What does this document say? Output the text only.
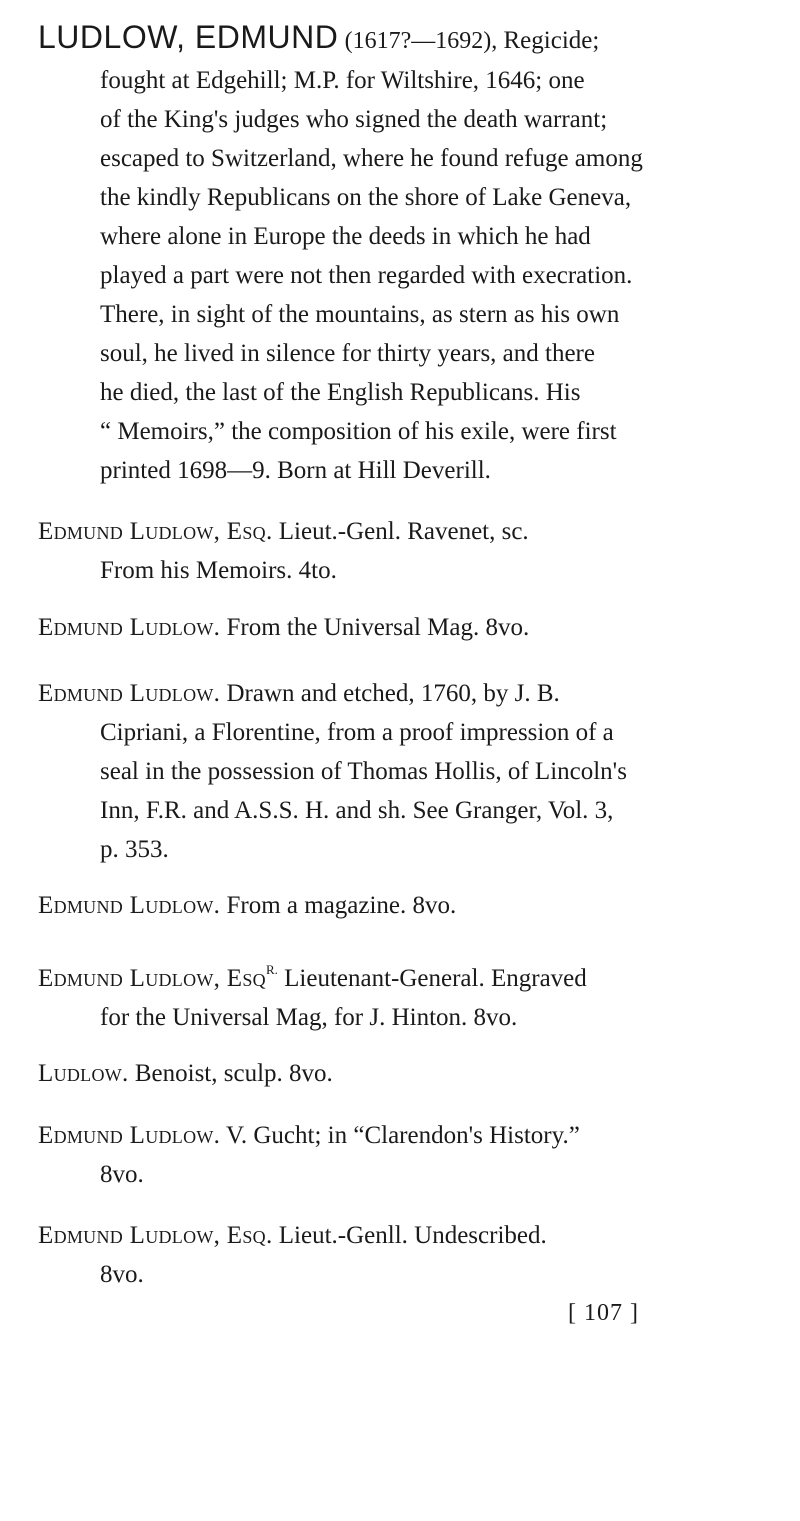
LUDLOW, EDMUND (1617?—1692), Regicide;
fought at Edgehill; M.P. for Wiltshire, 1646; one
of the King's judges who signed the death warrant;
escaped to Switzerland, where he found refuge among
the kindly Republicans on the shore of Lake Geneva,
where alone in Europe the deeds in which he had
played a part were not then regarded with execration.
There, in sight of the mountains, as stern as his own
soul, he lived in silence for thirty years, and there
he died, the last of the English Republicans. His
“ Memoirs,” the composition of his exile, were first
printed 1698—9. Born at Hill Deverill.
Edmund Ludlow, Esq. Lieut.-Genl. Ravenet, sc.
From his Memoirs. 4to.
Edmund Ludlow. From the Universal Mag. 8vo.
Edmund Ludlow. Drawn and etched, 1760, by J. B.
Cipriani, a Florentine, from a proof impression of a
seal in the possession of Thomas Hollis, of Lincoln's
Inn, F.R. and A.S.S. H. and sh. See Granger, Vol. 3,
p. 353.
Edmund Ludlow. From a magazine. 8vo.
Edmund Ludlow, Esq$^{R.}$ Lieutenant-General. Engraved
for the Universal Mag, for J. Hinton. 8vo.
Ludlow. Benoist, sculp. 8vo.
Edmund Ludlow. V. Gucht; in “Clarendon's History.”
8vo.
Edmund Ludlow, Esq. Lieut.-Genll. Undescribed.
8vo.
[ 107 ]
